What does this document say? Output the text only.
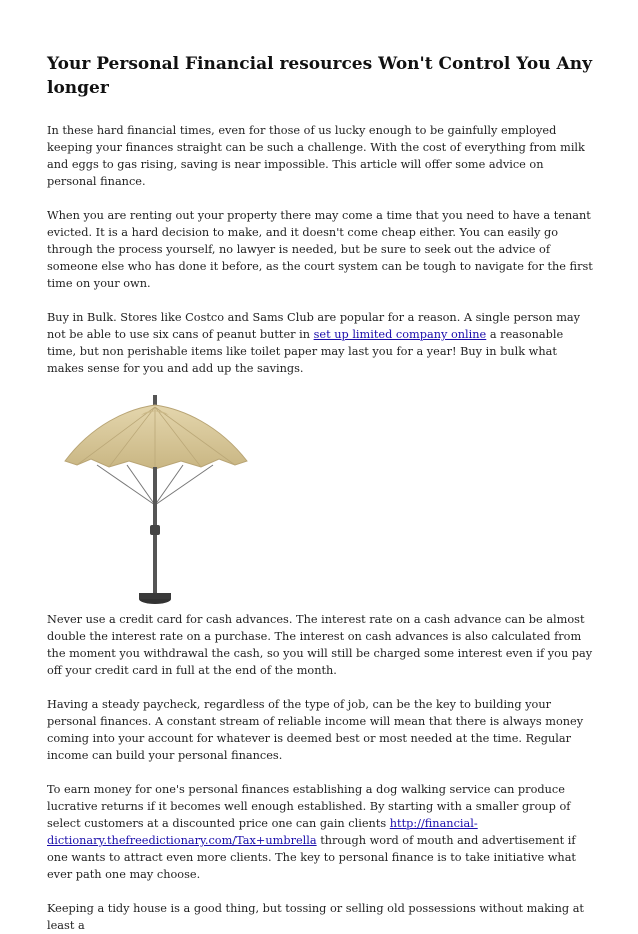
Your Personal Financial resources Won't Control You Any longer

In these hard financial times, even for those of us lucky enough to be gainfully employed keeping your finances straight can be such a challenge. With the cost of everything from milk and eggs to gas rising, saving is near impossible. This article will offer some advice on personal finance.

When you are renting out your property there may come a time that you need to have a tenant evicted. It is a hard decision to make, and it doesn't come cheap either. You can easily go through the process yourself, no lawyer is needed, but be sure to seek out the advice of someone else who has done it before, as the court system can be tough to navigate for the first time on your own.

Buy in Bulk. Stores like Costco and Sams Club are popular for a reason. A single person may not be able to use six cans of peanut butter in set up limited company online a reasonable time, but non perishable items like toilet paper may last you for a year! Buy in bulk what makes sense for you and add up the savings.

Never use a credit card for cash advances. The interest rate on a cash advance can be almost double the interest rate on a purchase. The interest on cash advances is also calculated from the moment you withdrawal the cash, so you will still be charged some interest even if you pay off your credit card in full at the end of the month.

Having a steady paycheck, regardless of the type of job, can be the key to building your personal finances. A constant stream of reliable income will mean that there is always money coming into your account for whatever is deemed best or most needed at the time. Regular income can build your personal finances.

To earn money for one's personal finances establishing a dog walking service can produce lucrative returns if it becomes well enough established. By starting with a smaller group of select customers at a discounted price one can gain clients http://financial-dictionary.thefreedictionary.com/Tax+umbrella through word of mouth and advertisement if one wants to attract even more clients. The key to personal finance is to take initiative what ever path one may choose.

Keeping a tidy house is a good thing, but tossing or selling old possessions without making at least a
